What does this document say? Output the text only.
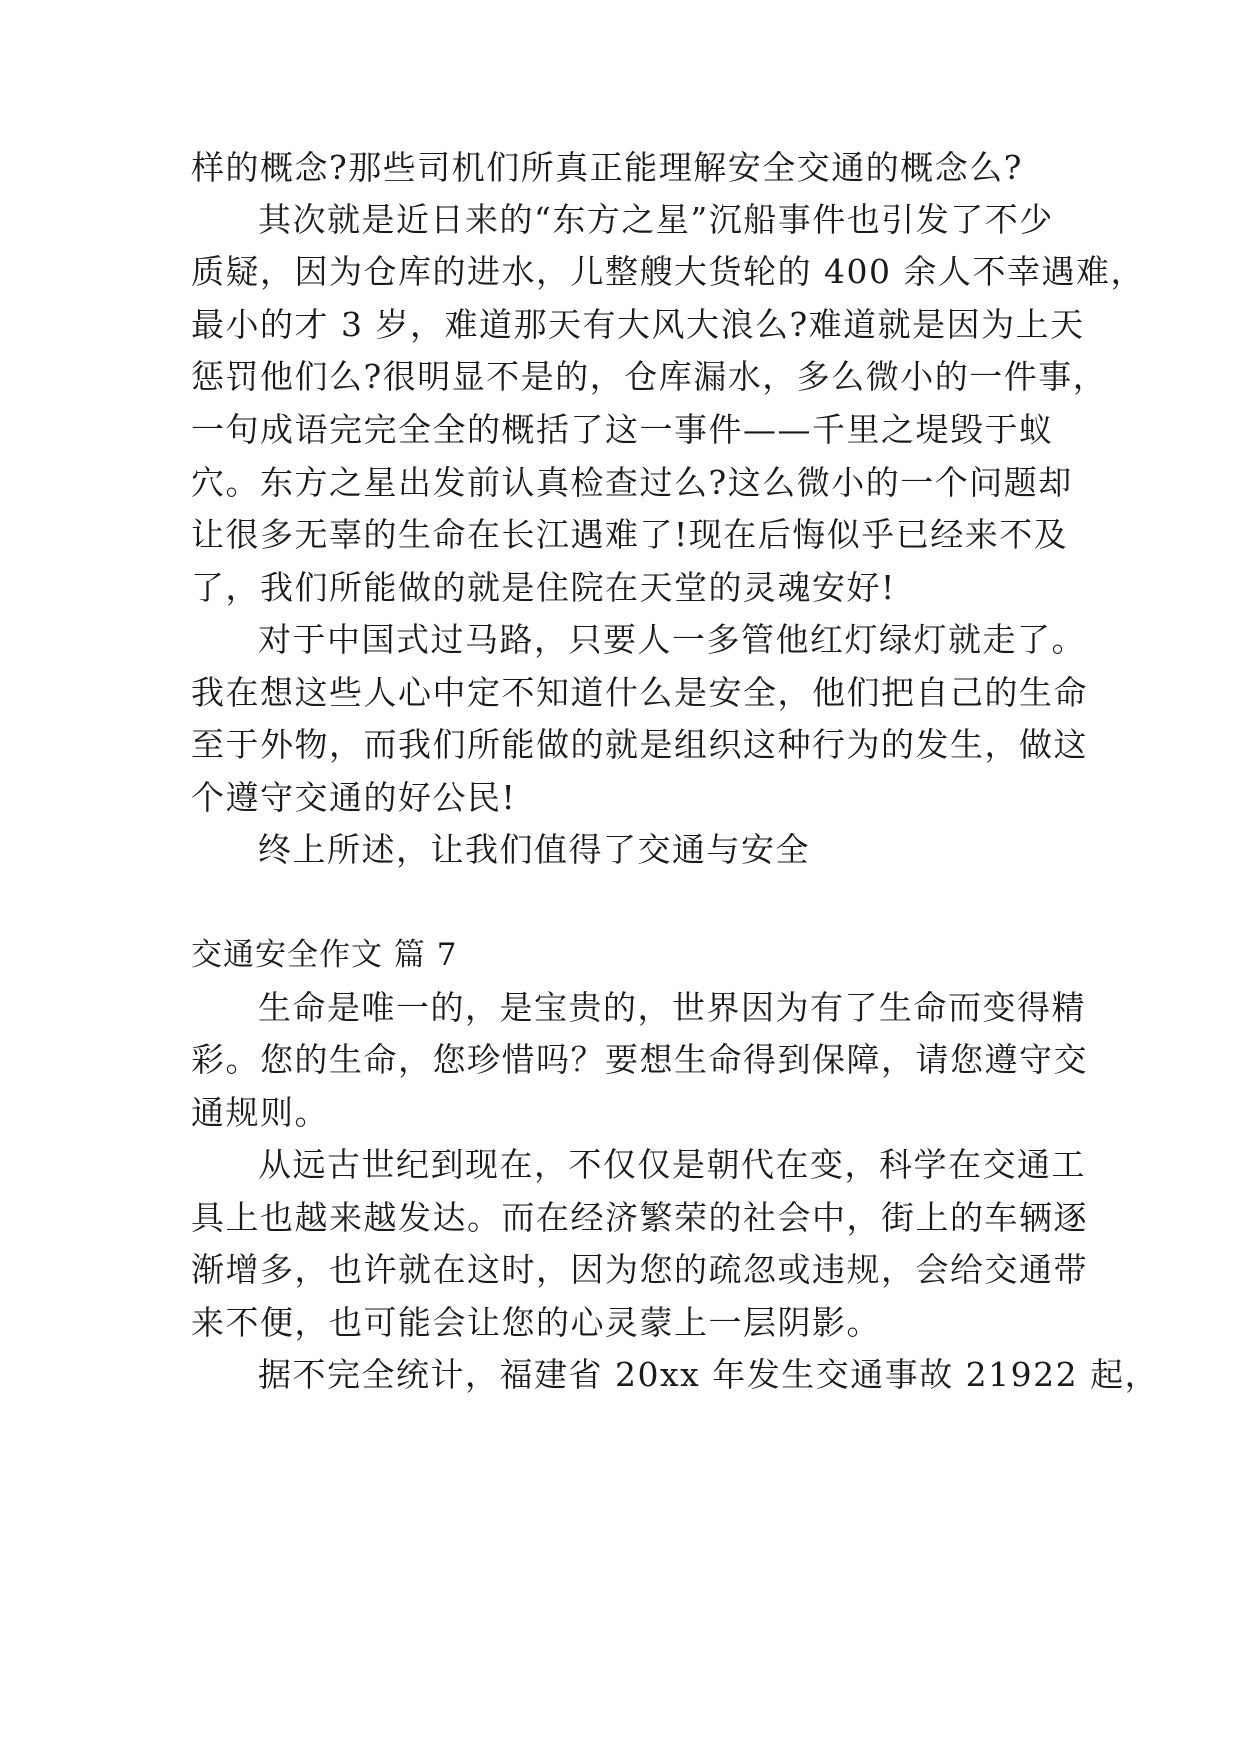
样的概念?那些司机们所真正能理解安全交通的概念么?
其次就是近日来的“东方之星”沉船事件也引发了不少
质疑，因为仓库的进水，儿整艘大货轮的 400 余人不幸遇难，
最小的才 3 岁，难道那天有大风大浪么?难道就是因为上天
惩罚他们么?很明显不是的，仓库漏水，多么微小的一件事，
一句成语完完全全的概括了这一事件——千里之堤毁于蚁
穴。东方之星出发前认真检查过么?这么微小的一个问题却
让很多无辜的生命在长江遇难了!现在后悔似乎已经来不及
了，我们所能做的就是住院在天堂的灵魂安好!
对于中国式过马路，只要人一多管他红灯绿灯就走了。
我在想这些人心中定不知道什么是安全，他们把自己的生命
至于外物，而我们所能做的就是组织这种行为的发生，做这
个遵守交通的好公民!
终上所述，让我们值得了交通与安全
交通安全作文 篇 7
生命是唯一的，是宝贵的，世界因为有了生命而变得精
彩。您的生命，您珍惜吗？要想生命得到保障，请您遵守交
通规则。
从远古世纪到现在，不仅仅是朝代在变，科学在交通工
具上也越来越发达。而在经济繁荣的社会中，街上的车辆逐
渐增多，也许就在这时，因为您的疏忽或违规，会给交通带
来不便，也可能会让您的心灵蒙上一层阴影。
据不完全统计，福建省 20xx 年发生交通事故 21922 起，
